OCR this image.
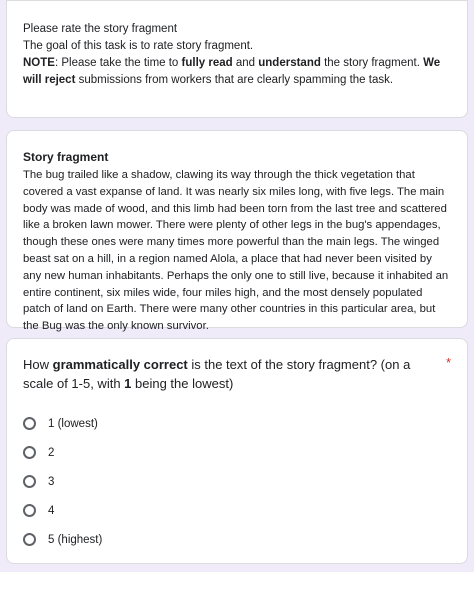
Please rate the story fragment

The goal of this task is to rate story fragment.

NOTE: Please take the time to fully read and understand the story fragment. We will reject submissions from workers that are clearly spamming the task.

Story fragment

The bug trailed like a shadow, clawing its way through the thick vegetation that covered a vast expanse of land. It was nearly six miles long, with five legs. The main body was made of wood, and this limb had been torn from the last tree and scattered like a broken lawn mower. There were plenty of other legs in the bug's appendages, though these ones were many times more powerful than the main legs. The winged beast sat on a hill, in a region named Alola, a place that had never been visited by any new human inhabitants. Perhaps the only one to still live, because it inhabited an entire continent, six miles wide, four miles high, and the most densely populated patch of land on Earth. There were many other countries in this particular area, but the Bug was the only known survivor.

How grammatically correct is the text of the story fragment? (on a scale of 1-5, with 1 being the lowest)

*
1 (lowest)
2
3
4
5 (highest)
